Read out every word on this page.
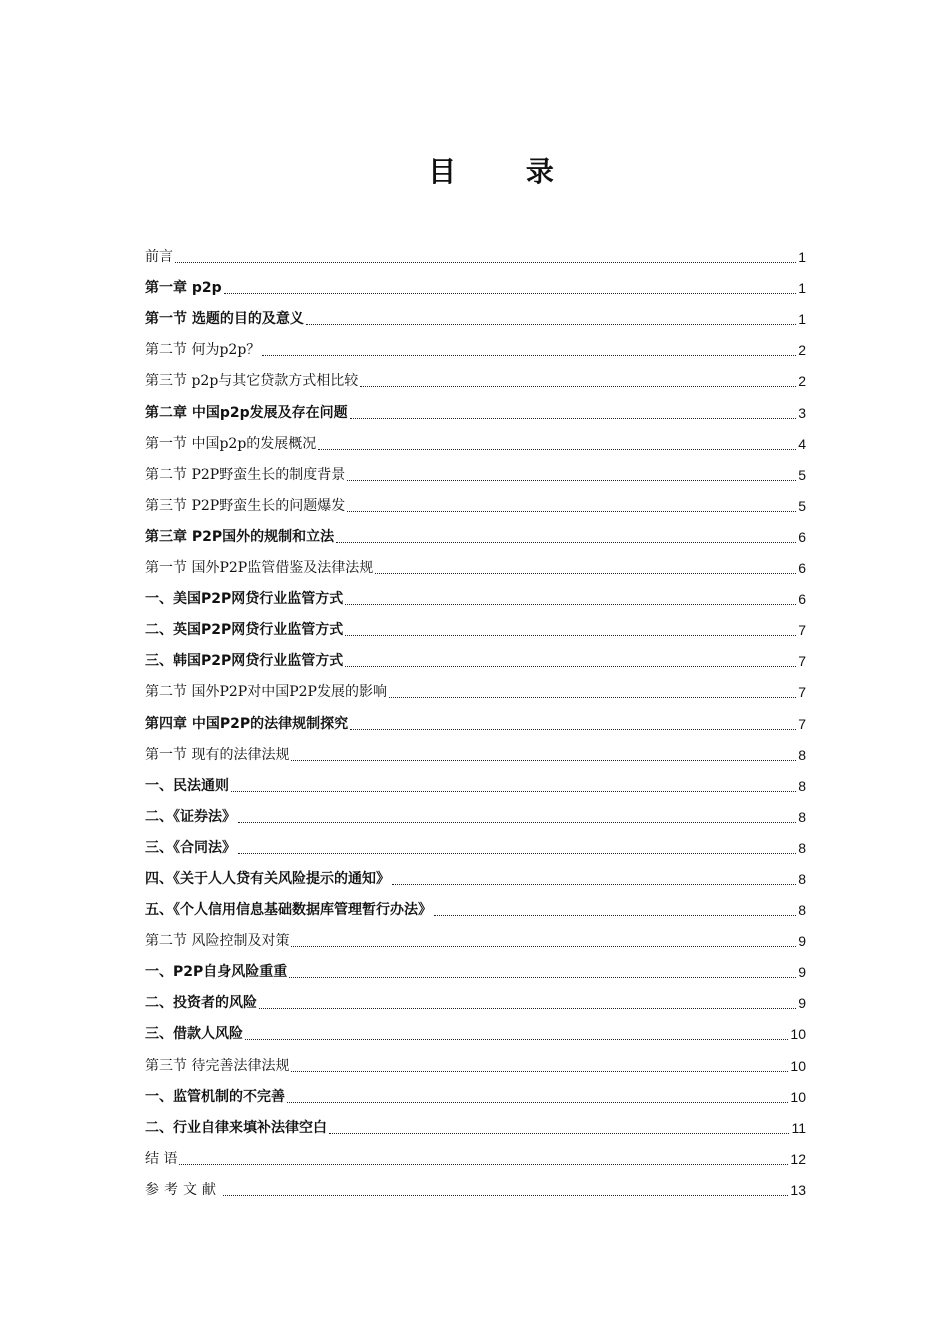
目 录
前言	1
第一章 p2p	1
第一节 选题的目的及意义	1
第二节 何为p2p？	2
第三节 p2p与其它贷款方式相比较	2
第二章 中国p2p发展及存在问题	3
第一节 中国p2p的发展概况	4
第二节 P2P野蛮生长的制度背景	5
第三节 P2P野蛮生长的问题爆发	5
第三章 P2P国外的规制和立法	6
第一节 国外P2P监管借鉴及法律法规	6
一、美国P2P网贷行业监管方式	6
二、英国P2P网贷行业监管方式	7
三、韩国P2P网贷行业监管方式	7
第二节 国外P2P对中国P2P发展的影响	7
第四章 中国P2P的法律规制探究	7
第一节 现有的法律法规	8
一、民法通则	8
二、《证券法》	8
三、《合同法》	8
四、《关于人人贷有关风险提示的通知》	8
五、《个人信用信息基础数据库管理暂行办法》	8
第二节 风险控制及对策	9
一、P2P自身风险重重	9
二、投资者的风险	9
三、借款人风险	10
第三节 待完善法律法规	10
一、监管机制的不完善	10
二、行业自律来填补法律空白	11
结 语	12
参考文献	13
